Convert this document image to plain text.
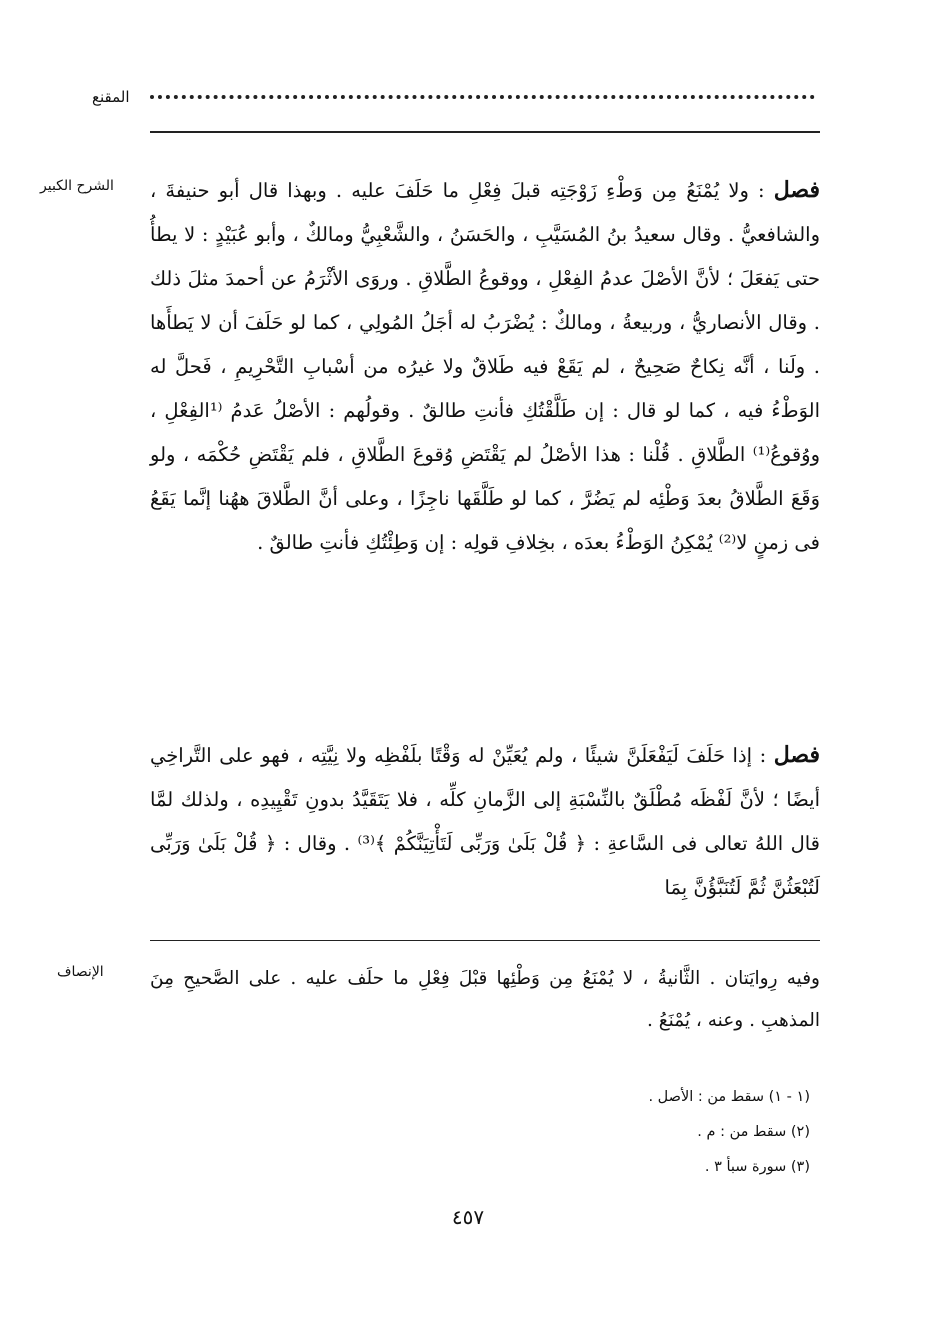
المقنع
الشرح الكبير
الإنصاف
فصل : ولا يُمْنَعُ مِن وَطْءِ زَوْجَتِه قبلَ فِعْلِ ما حَلَفَ عليه . وبهذا قال أبو حنيفةَ ، والشافعيُّ . وقال سعيدُ بنُ المُسَيَّبِ ، والحَسَنُ ، والشَّعْبِيُّ ومالكٌ ، وأبو عُبَيْدٍ : لا يطأُ حتى يَفعَلَ ؛ لأنَّ الأصْلَ عدمُ الفِعْلِ ، ووقوعُ الطَّلاقِ . وروَى الأثْرَمُ عن أحمدَ مثلَ ذلك . وقال الأنصاريُّ ، وربيعةُ ، ومالكٌ : يُضْرَبُ له أجَلُ المُولِي ، كما لو حَلَفَ أن لا يَطأَها . ولَنا ، أنَّه نِكاحٌ صَحِيحٌ ، لم يَقَعْ فيه طَلاقٌ ولا غيرُه من أسْبابِ التَّحْرِيمِ ، فَحلَّ له الوَطْءُ فيه ، كما لو قال : إن طَلَّقْتُكِ فأنتِ طالقٌ . وقولُهم : الأصْلُ عَدمُ ⁽¹الفِعْلِ ، ووُقوعُ⁽¹⁾ الطَّلاقِ . قُلْنا : هذا الأصْلُ لم يَقْتَضِ وُقوعَ الطَّلاقِ ، فلم يَقْتَضِ حُكْمَه ، ولو وَقَعَ الطَّلاقُ بعدَ وَطْئِه لم يَضُرَّ ، كما لو طَلَّقَها ناجِزًا ، وعلى أنَّ الطَّلاقَ ههُنا إنَّما يَقَعُ فى زمنٍ لا⁽²⁾ يُمْكِنُ الوَطْءُ بعدَه ، بخِلافِ قولِه : إن وَطِئْتُكِ فأنتِ طالقٌ .
فصل : إذا حَلَفَ لَيَفْعَلَنَّ شيئًا ، ولم يُعَيِّنْ له وَقْتًا بلَفْظِه ولا نِيَّتِه ، فهو على التَّراخِي أيضًا ؛ لأنَّ لَفْظَه مُطْلَقٌ بالنِّسْبَةِ إلى الزَّمانِ كلِّه ، فلا يَتَقَيَّدُ بدونِ تَقْيِيدِه ، ولذلك لمَّا قال اللهُ تعالى فى السَّاعةِ : ﴿ قُلْ بَلَىٰ وَرَبِّى لَتَأْتِيَنَّكُمْ ﴾⁽³⁾ . وقال : ﴿ قُلْ بَلَىٰ وَرَبِّى لَتُبْعَثُنَّ ثُمَّ لَتُنَبَّؤُنَّ بِمَا
وفيه رِوايَتان . الثَّانيةُ ، لا يُمْنَعُ مِن وَطْئِها قبْلَ فِعْلِ ما حلَف عليه . على الصَّحيحِ مِنَ المذهبِ . وعنه ، يُمْنَعُ .
(١ - ١) سقط من : الأصل .
(٢) سقط من : م .
(٣) سورة سبأ ٣ .
٤٥٧
